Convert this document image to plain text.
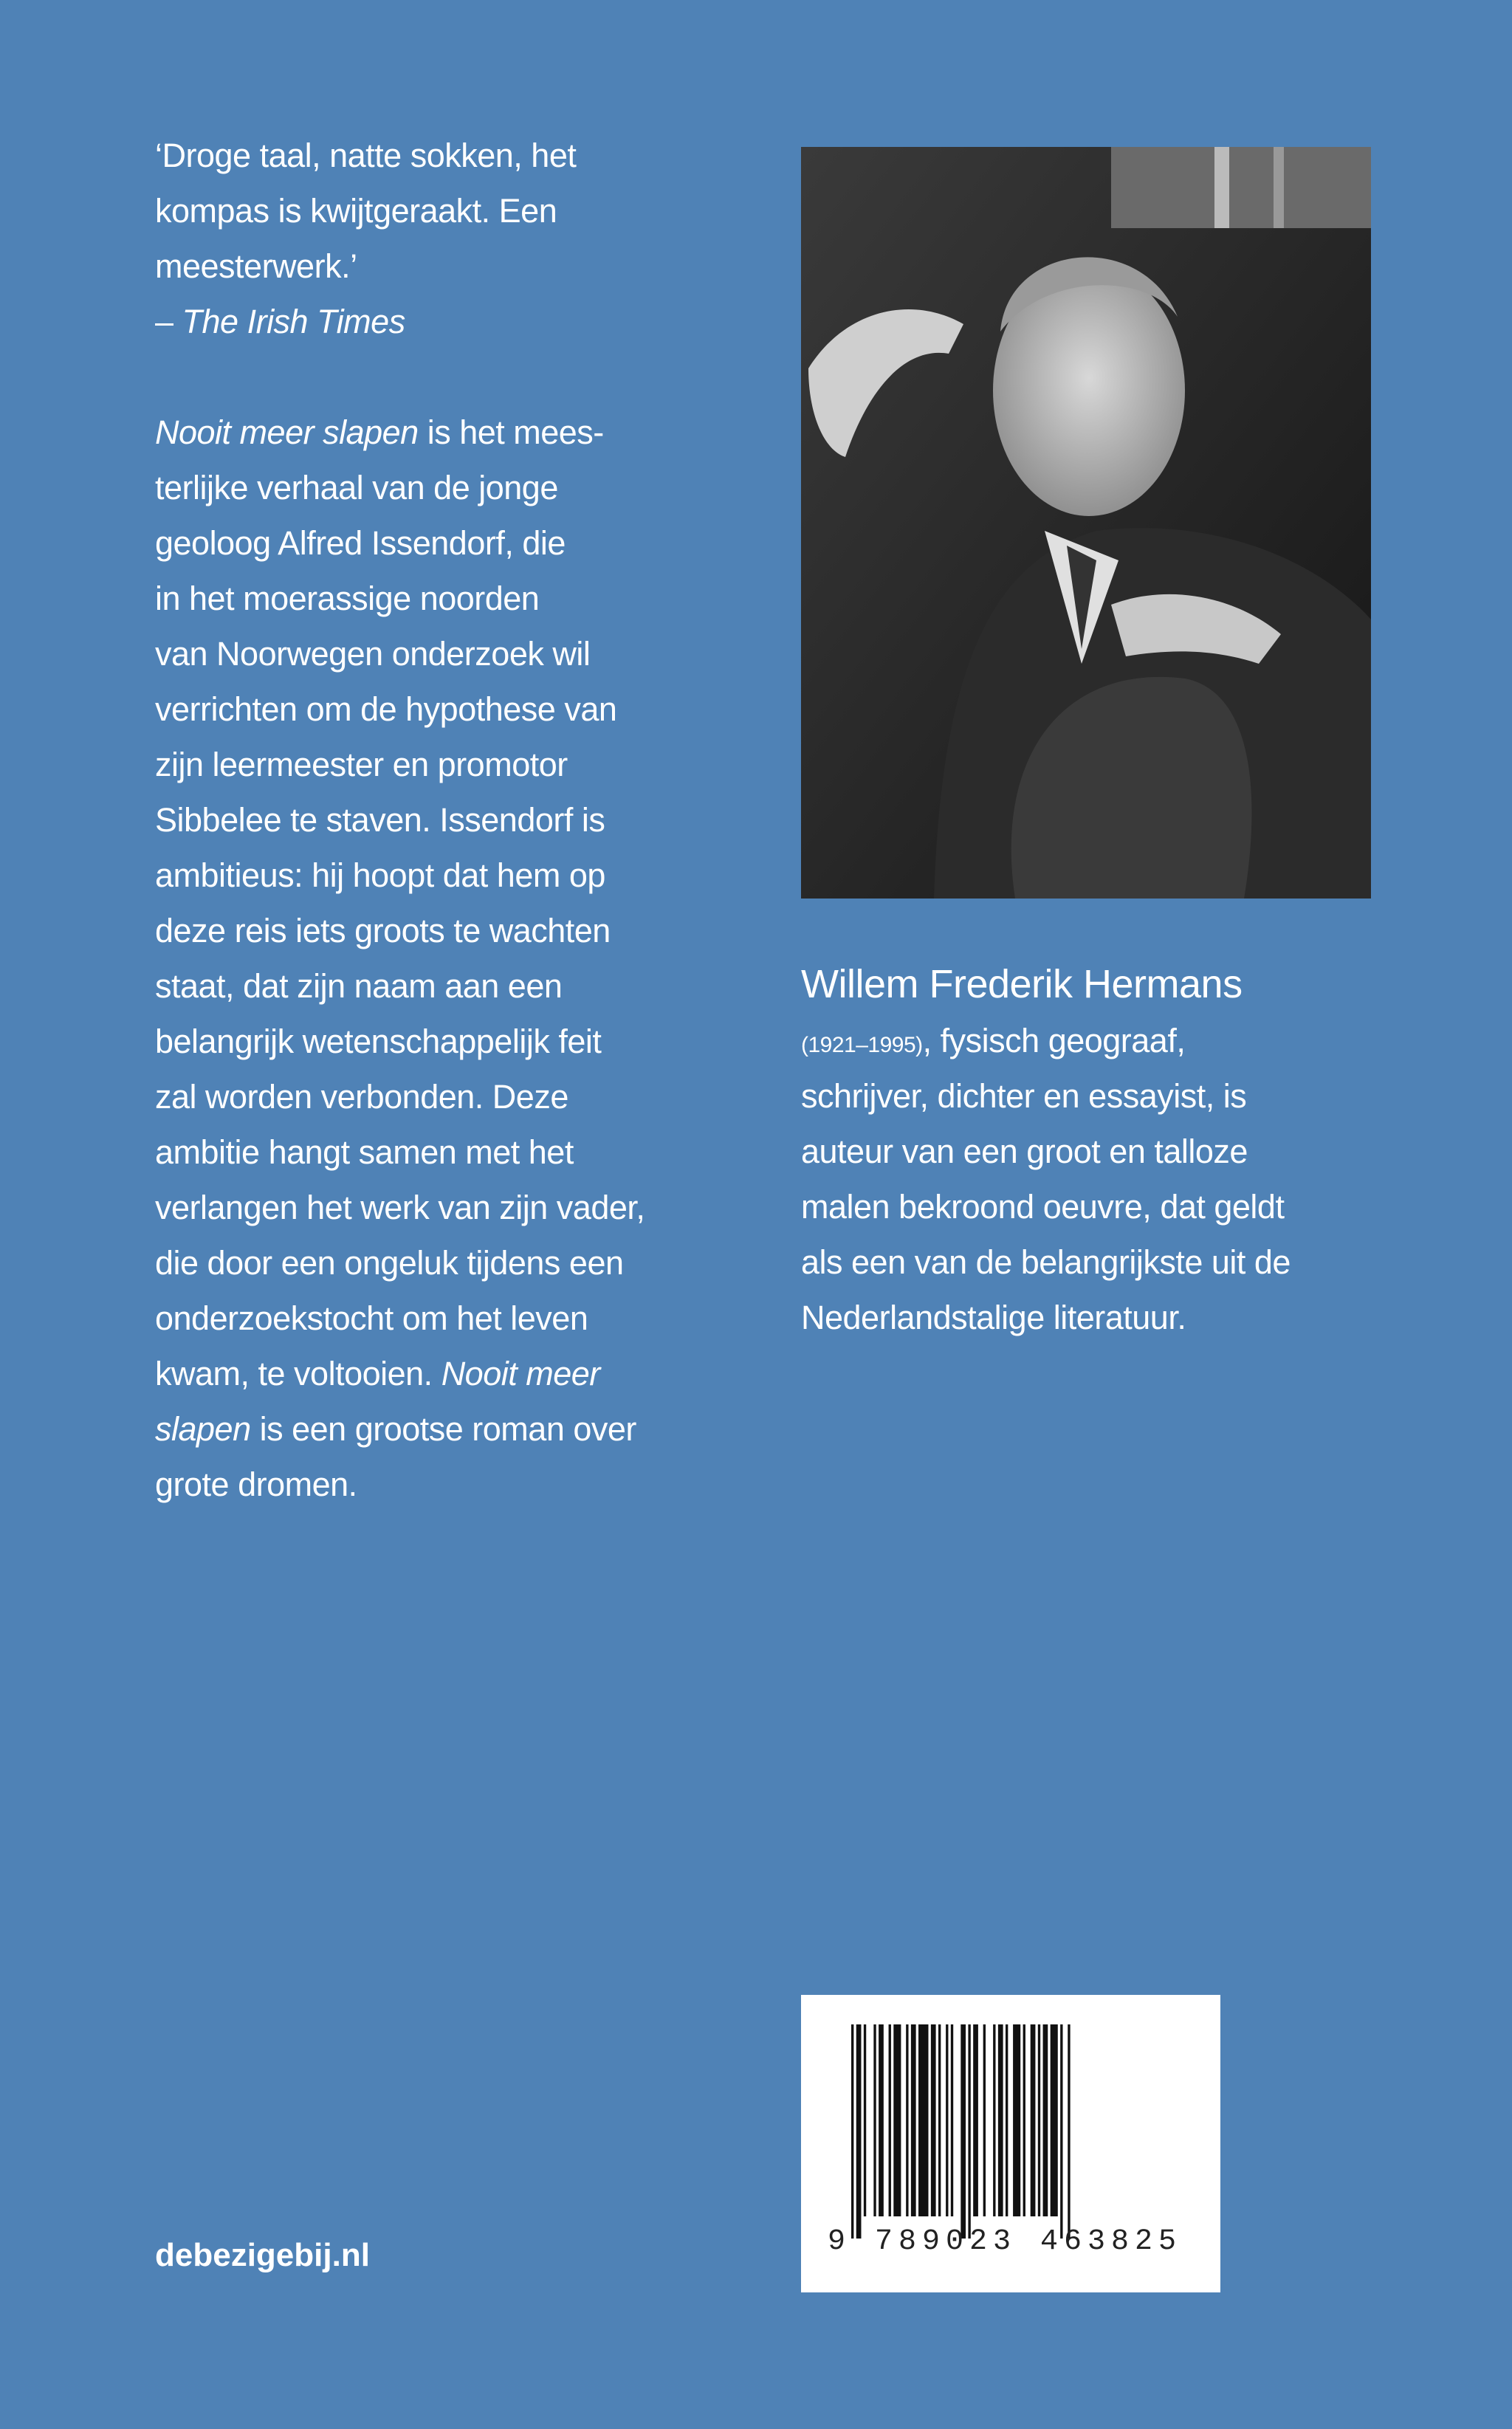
‘Droge taal, natte sokken, het
kompas is kwijtgeraakt. Een
meesterwerk.’
– The Irish Times
Nooit meer slapen is het mees-
terlijke verhaal van de jonge
geoloog Alfred Issendorf, die
in het moerassige noorden
van Noorwegen onderzoek wil
verrichten om de hypothese van
zijn leermeester en promotor
Sibbelee te staven. Issendorf is
ambitieus: hij hoopt dat hem op
deze reis iets groots te wachten
staat, dat zijn naam aan een
belangrijk wetenschappelijk feit
zal worden verbonden. Deze
ambitie hangt samen met het
verlangen het werk van zijn vader,
die door een ongeluk tijdens een
onderzoekstocht om het leven
kwam, te voltooien. Nooit meer
slapen is een grootse roman over
grote dromen.
Willem Frederik Hermans
(1921–1995), fysisch geograaf,
schrijver, dichter en essayist, is
auteur van een groot en talloze
malen bekroond oeuvre, dat geldt
als een van de belangrijkste uit de
Nederlandstalige literatuur.
9 789023 463825
debezigebij.nl
